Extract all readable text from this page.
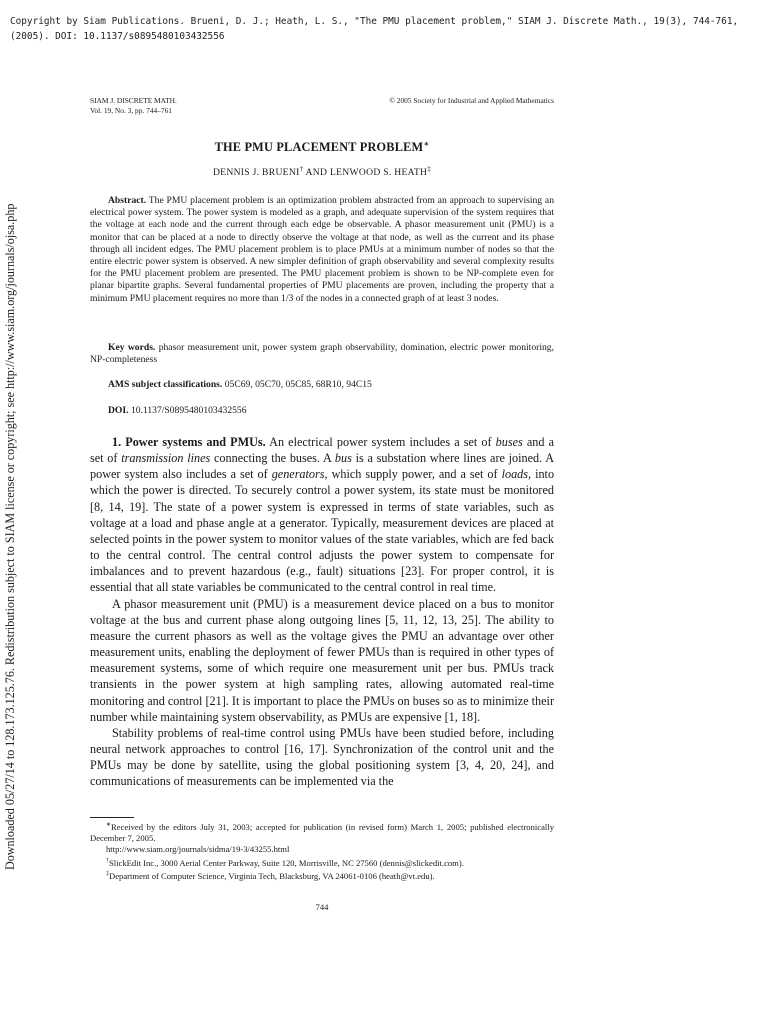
Copyright by Siam Publications. Brueni, D. J.; Heath, L. S., "The PMU placement problem," SIAM J. Discrete Math., 19(3), 744-761, (2005). DOI: 10.1137/s0895480103432556
Downloaded 05/27/14 to 128.173.125.76. Redistribution subject to SIAM license or copyright; see http://www.siam.org/journals/ojsa.php
SIAM J. DISCRETE MATH.
Vol. 19, No. 3, pp. 744–761
© 2005 Society for Industrial and Applied Mathematics
THE PMU PLACEMENT PROBLEM∗
DENNIS J. BRUENI† AND LENWOOD S. HEATH‡

Abstract. The PMU placement problem is an optimization problem abstracted from an approach to supervising an electrical power system. The power system is modeled as a graph, and adequate supervision of the system requires that the voltage at each node and the current through each edge be observable. A phasor measurement unit (PMU) is a monitor that can be placed at a node to directly observe the voltage at that node, as well as the current and its phase through all incident edges. The PMU placement problem is to place PMUs at a minimum number of nodes so that the entire electric power system is observed. A new simpler definition of graph observability and several complexity results for the PMU placement problem are presented. The PMU placement problem is shown to be NP-complete even for planar bipartite graphs. Several fundamental properties of PMU placements are proven, including the property that a minimum PMU placement requires no more than 1/3 of the nodes in a connected graph of at least 3 nodes.

Key words. phasor measurement unit, power system graph observability, domination, electric power monitoring, NP-completeness

AMS subject classifications. 05C69, 05C70, 05C85, 68R10, 94C15

DOI. 10.1137/S0895480103432556

1. Power systems and PMUs. An electrical power system includes a set of buses and a set of transmission lines connecting the buses. A bus is a substation where lines are joined. A power system also includes a set of generators, which supply power, and a set of loads, into which the power is directed. To securely control a power system, its state must be monitored [8, 14, 19]. The state of a power system is expressed in terms of state variables, such as voltage at a load and phase angle at a generator. Typically, measurement devices are placed at selected points in the power system to monitor values of the state variables, which are fed back to the central control. The central control adjusts the power system to compensate for imbalances and to prevent hazardous (e.g., fault) situations [23]. For proper control, it is essential that all state variables be communicated to the central control in real time.

A phasor measurement unit (PMU) is a measurement device placed on a bus to monitor voltage at the bus and current phase along outgoing lines [5, 11, 12, 13, 25]. The ability to measure the current phasors as well as the voltage gives the PMU an advantage over other measurement units, enabling the deployment of fewer PMUs than is required in other types of measurement systems, some of which require one measurement unit per bus. PMUs track transients in the power system at high sampling rates, allowing automated real-time monitoring and control [21]. It is important to place the PMUs on buses so as to minimize their number while maintaining system observability, as PMUs are expensive [1, 18].

Stability problems of real-time control using PMUs have been studied before, including neural network approaches to control [16, 17]. Synchronization of the control unit and the PMUs may be done by satellite, using the global positioning system [3, 4, 20, 24], and communications of measurements can be implemented via the

∗Received by the editors July 31, 2003; accepted for publication (in revised form) March 1, 2005; published electronically December 7, 2005.

http://www.siam.org/journals/sidma/19-3/43255.html

†SlickEdit Inc., 3000 Aerial Center Parkway, Suite 120, Morrisville, NC 27560 (dennis@slickedit.com).

‡Department of Computer Science, Virginia Tech, Blacksburg, VA 24061-0106 (heath@vt.edu).

744
